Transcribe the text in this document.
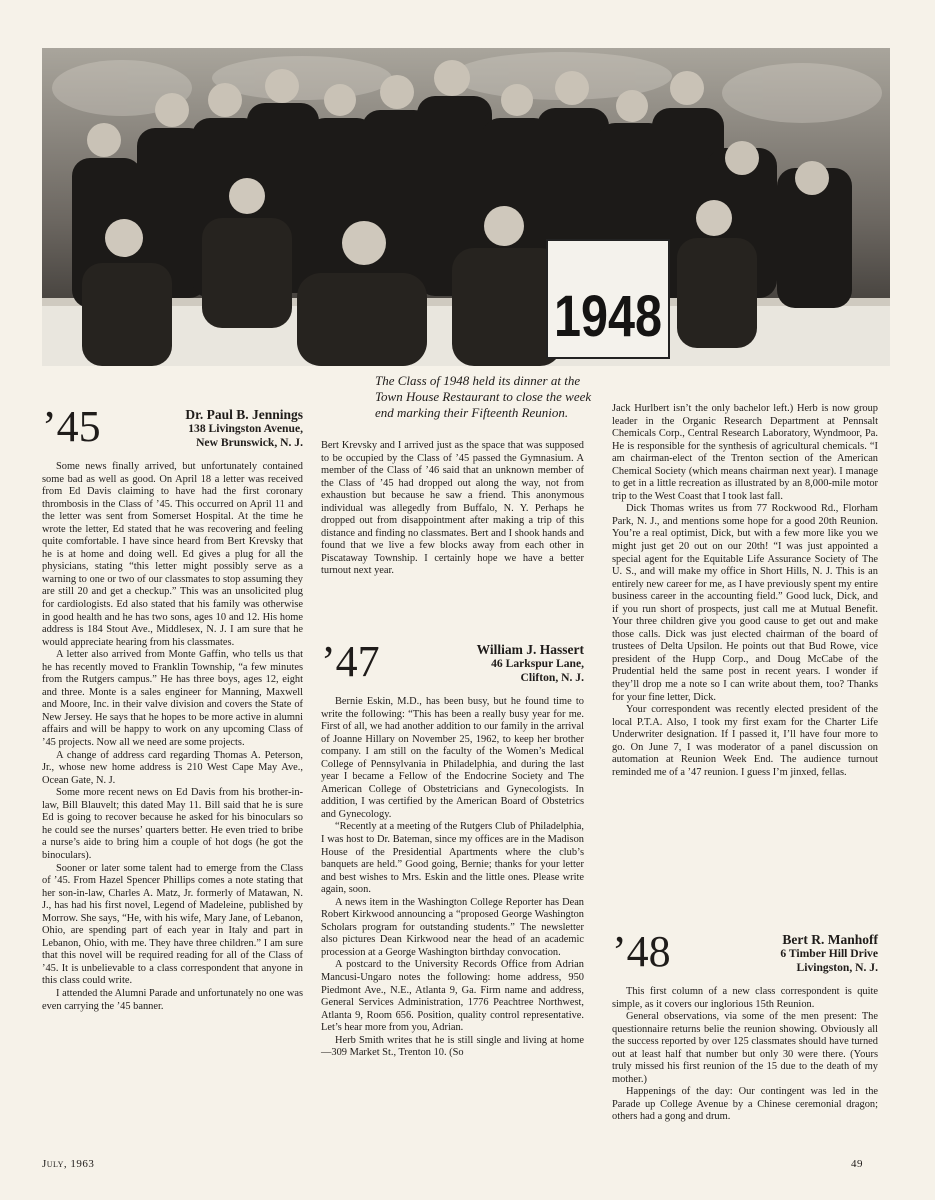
1948
The Class of 1948 held its dinner at the Town House Restaurant to close the week end marking their Fifteenth Reunion.
’45	Dr. Paul B. Jennings
138 Livingston Avenue,
New Brunswick, N. J.

Some news finally arrived, but unfortunately contained some bad as well as good. On April 18 a letter was received from Ed Davis claiming to have had the first coronary thrombosis in the Class of ’45. This occurred on April 11 and the letter was sent from Somerset Hospital. At the time he wrote the letter, Ed stated that he was recovering and feeling quite comfortable. I have since heard from Bert Krevsky that he is at home and doing well. Ed gives a plug for all the physicians, stating “this letter might possibly serve as a warning to one or two of our classmates to stop assuming they are still 20 and get a checkup.” This was an unsolicited plug for cardiologists. Ed also stated that his family was otherwise in good health and he has two sons, ages 10 and 12. His home address is 184 Stout Ave., Middlesex, N. J. I am sure that he would appreciate hearing from his classmates.

A letter also arrived from Monte Gaffin, who tells us that he has recently moved to Franklin Township, “a few minutes from the Rutgers campus.” He has three boys, ages 12, eight and three. Monte is a sales engineer for Manning, Maxwell and Moore, Inc. in their valve division and covers the State of New Jersey. He says that he hopes to be more active in alumni affairs and will be happy to work on any upcoming Class of ’45 projects. Now all we need are some projects.

A change of address card regarding Thomas A. Peterson, Jr., whose new home address is 210 West Cape May Ave., Ocean Gate, N. J.

Some more recent news on Ed Davis from his brother-in-law, Bill Blauvelt; this dated May 11. Bill said that he is sure Ed is going to recover because he asked for his binoculars so he could see the nurses’ quarters better. He even tried to bribe a nurse’s aide to bring him a couple of hot dogs (he got the binoculars).

Sooner or later some talent had to emerge from the Class of ’45. From Hazel Spencer Phillips comes a note stating that her son-in-law, Charles A. Matz, Jr. formerly of Matawan, N. J., has had his first novel, Legend of Madeleine, published by Morrow. She says, “He, with his wife, Mary Jane, of Lebanon, Ohio, are spending part of each year in Italy and part in Lebanon, Ohio, with me. They have three children.” I am sure that this novel will be required reading for all of the Class of ’45. It is unbelievable to a class correspondent that anyone in this class could write.

I attended the Alumni Parade and unfortunately no one was even carrying the ’45 banner.

Bert Krevsky and I arrived just as the space that was supposed to be occupied by the Class of ’45 passed the Gymnasium. A member of the Class of ’46 said that an unknown member of the Class of ’45 had dropped out along the way, not from exhaustion but because he saw a friend. This anonymous individual was allegedly from Buffalo, N. Y. Perhaps he dropped out from disappointment after making a trip of this distance and finding no classmates. Bert and I shook hands and found that we live a few blocks away from each other in Piscataway Township. I certainly hope we have a better turnout next year.

’47	William J. Hassert
46 Larkspur Lane,
Clifton, N. J.

Bernie Eskin, M.D., has been busy, but he found time to write the following: “This has been a really busy year for me. First of all, we had another addition to our family in the arrival of Joanne Hillary on November 25, 1962, to keep her brother company. I am still on the faculty of the Women’s Medical College of Pennsylvania in Philadelphia, and during the last year I became a Fellow of the Endocrine Society and The American College of Obstetricians and Gynecologists. In addition, I was certified by the American Board of Obstetrics and Gynecology.

“Recently at a meeting of the Rutgers Club of Philadelphia, I was host to Dr. Bateman, since my offices are in the Madison House of the Presidential Apartments where the club’s banquets are held.” Good going, Bernie; thanks for your letter and best wishes to Mrs. Eskin and the little ones. Please write again, soon.

A news item in the Washington College Reporter has Dean Robert Kirkwood announcing a “proposed George Washington Scholars program for outstanding students.” The newsletter also pictures Dean Kirkwood near the head of an academic procession at a George Washington birthday convocation.

A postcard to the University Records Office from Adrian Mancusi-Ungaro notes the following: home address, 950 Piedmont Ave., N.E., Atlanta 9, Ga. Firm name and address, General Services Administration, 1776 Peachtree Northwest, Atlanta 9, Room 656. Position, quality control representative. Let’s hear more from you, Adrian.

Herb Smith writes that he is still single and living at home—309 Market St., Trenton 10. (So

Jack Hurlbert isn’t the only bachelor left.) Herb is now group leader in the Organic Research Department at Pennsalt Chemicals Corp., Central Research Laboratory, Wyndmoor, Pa. He is responsible for the synthesis of agricultural chemicals. “I am chairman-elect of the Trenton section of the American Chemical Society (which means chairman next year). I manage to get in a little recreation as illustrated by an 8,000-mile motor trip to the West Coast that I took last fall.

Dick Thomas writes us from 77 Rockwood Rd., Florham Park, N. J., and mentions some hope for a good 20th Reunion. You’re a real optimist, Dick, but with a few more like you we might just get 20 out on our 20th! “I was just appointed a special agent for the Equitable Life Assurance Society of The U. S., and will make my office in Short Hills, N. J. This is an entirely new career for me, as I have previously spent my entire business career in the accounting field.” Good luck, Dick, and if you run short of prospects, just call me at Mutual Benefit. Your three children give you good cause to get out and make those calls. Dick was just elected chairman of the board of trustees of Delta Upsilon. He points out that Bud Rowe, vice president of the Hupp Corp., and Doug McCabe of the Prudential held the same post in recent years. I wonder if they’ll drop me a note so I can write about them, too? Thanks for your fine letter, Dick.

Your correspondent was recently elected president of the local P.T.A. Also, I took my first exam for the Charter Life Underwriter designation. If I passed it, I’ll have four more to go. On June 7, I was moderator of a panel discussion on automation at Reunion Week End. The audience turnout reminded me of a ’47 reunion. I guess I’m jinxed, fellas.

’48	Bert R. Manhoff
6 Timber Hill Drive
Livingston, N. J.

This first column of a new class correspondent is quite simple, as it covers our inglorious 15th Reunion.

General observations, via some of the men present: The questionnaire returns belie the reunion showing. Obviously all the success reported by over 125 classmates should have turned out at least half that number but only 30 were there. (Yours truly missed his first reunion of the 15 due to the death of my mother.)

Happenings of the day: Our contingent was led in the Parade up College Avenue by a Chinese ceremonial dragon; others had a gong and drum.

July, 1963	49
